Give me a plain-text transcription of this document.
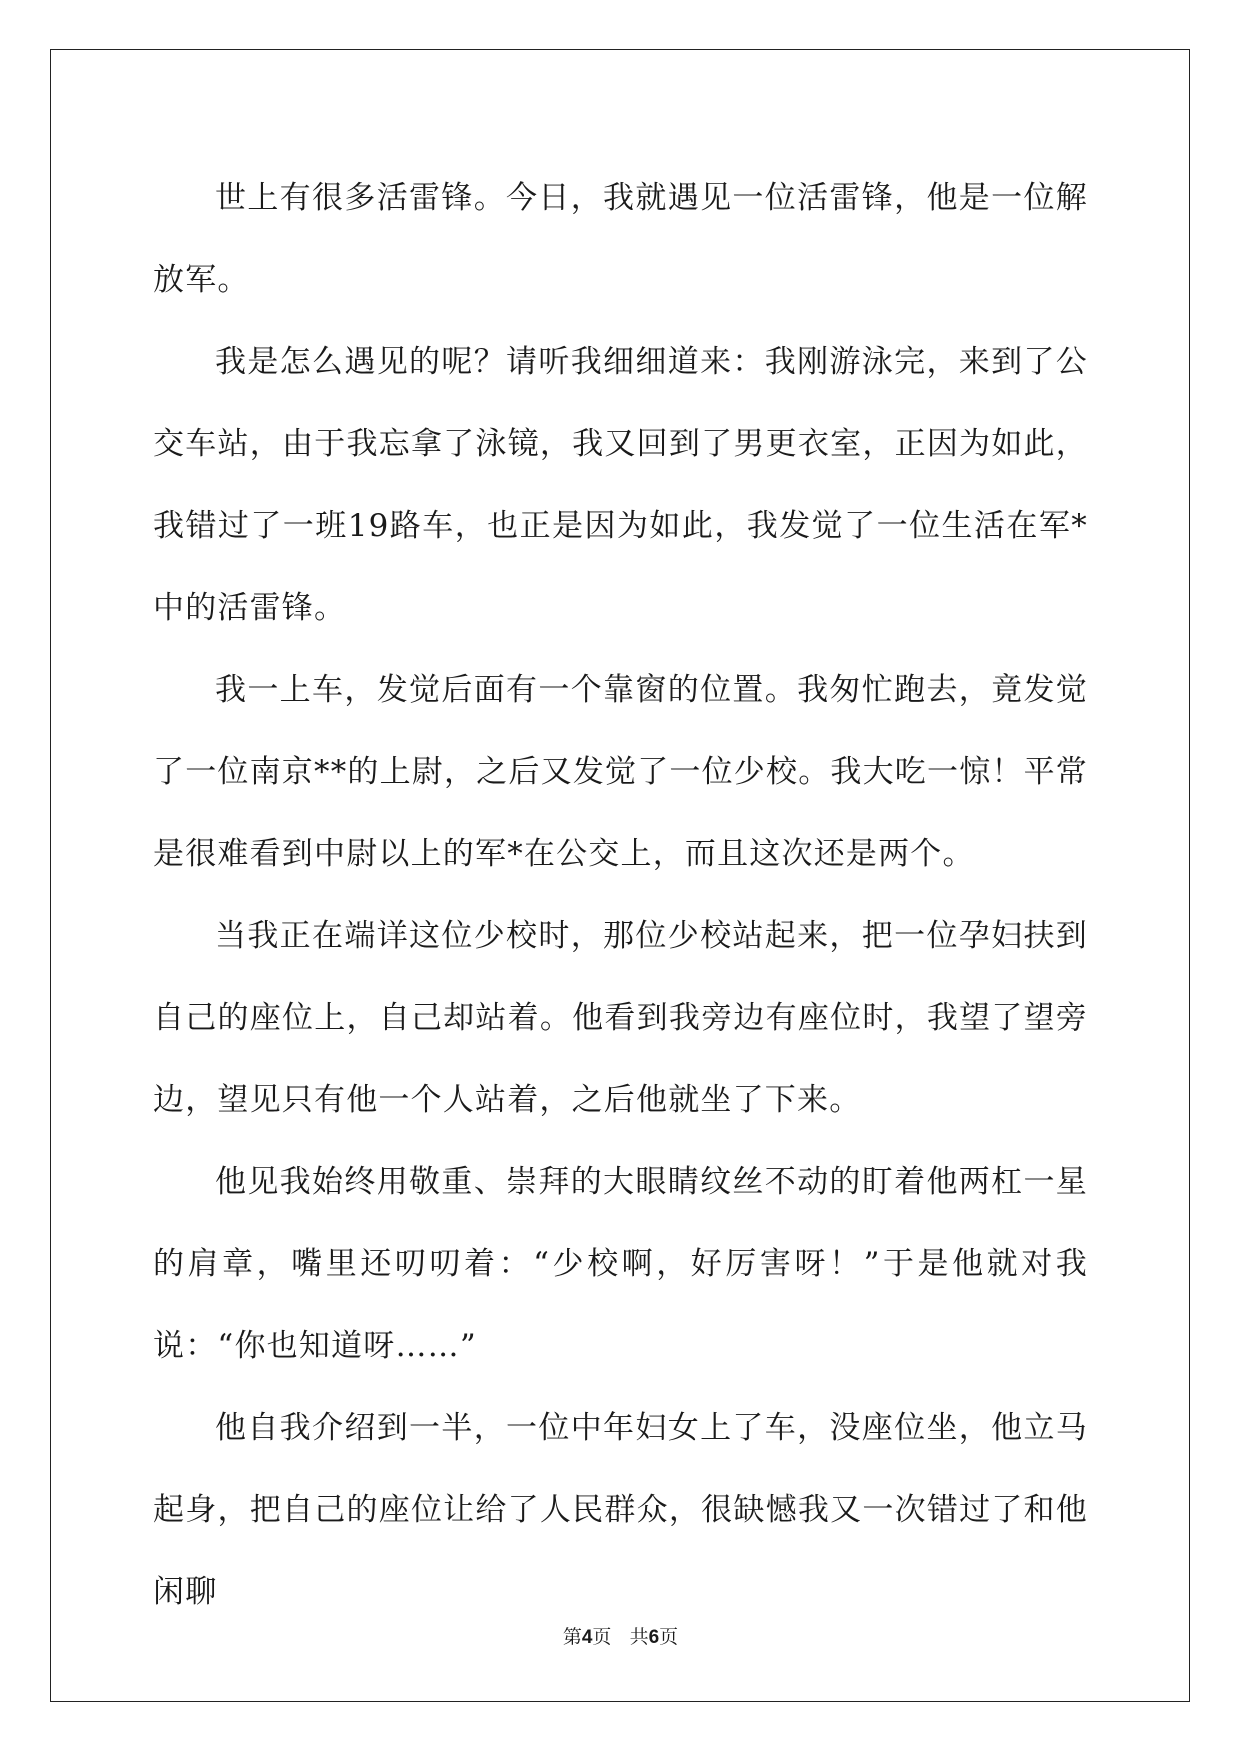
世上有很多活雷锋。今日，我就遇见一位活雷锋，他是一位解放军。

我是怎么遇见的呢？请听我细细道来：我刚游泳完，来到了公交车站，由于我忘拿了泳镜，我又回到了男更衣室，正因为如此，我错过了一班19路车，也正是因为如此，我发觉了一位生活在军*中的活雷锋。

我一上车，发觉后面有一个靠窗的位置。我匆忙跑去，竟发觉了一位南京**的上尉，之后又发觉了一位少校。我大吃一惊！平常是很难看到中尉以上的军*在公交上，而且这次还是两个。

当我正在端详这位少校时，那位少校站起来，把一位孕妇扶到自己的座位上，自己却站着。他看到我旁边有座位时，我望了望旁边，望见只有他一个人站着，之后他就坐了下来。

他见我始终用敬重、崇拜的大眼睛纹丝不动的盯着他两杠一星的肩章，嘴里还叨叨着：“少校啊，好厉害呀！”于是他就对我说：“你也知道呀……”

他自我介绍到一半，一位中年妇女上了车，没座位坐，他立马起身，把自己的座位让给了人民群众，很缺憾我又一次错过了和他闲聊

第4页 共6页
